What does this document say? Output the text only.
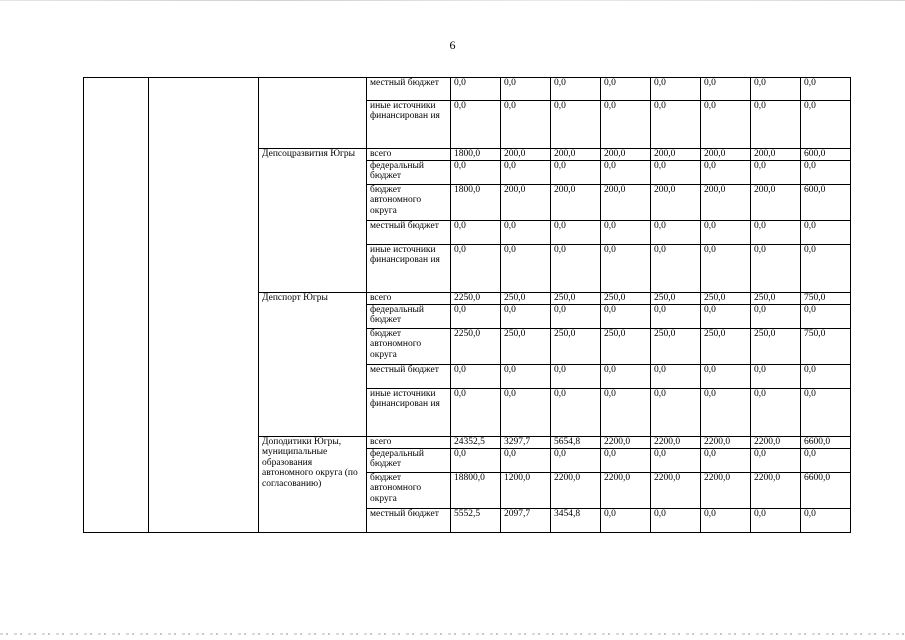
6
			местный бюджет	0,0	0,0	0,0	0,0	0,0	0,0	0,0	0,0
			иные источники финансирован ия	0,0	0,0	0,0	0,0	0,0	0,0	0,0	0,0
		Депсоцразвития Югры	всего	1800,0	200,0	200,0	200,0	200,0	200,0	200,0	600,0
			федеральный бюджет	0,0	0,0	0,0	0,0	0,0	0,0	0,0	0,0
			бюджет автономного округа	1800,0	200,0	200,0	200,0	200,0	200,0	200,0	600,0
			местный бюджет	0,0	0,0	0,0	0,0	0,0	0,0	0,0	0,0
			иные источники финансирован ия	0,0	0,0	0,0	0,0	0,0	0,0	0,0	0,0
		Депспорт Югры	всего	2250,0	250,0	250,0	250,0	250,0	250,0	250,0	750,0
			федеральный бюджет	0,0	0,0	0,0	0,0	0,0	0,0	0,0	0,0
			бюджет автономного округа	2250,0	250,0	250,0	250,0	250,0	250,0	250,0	750,0
			местный бюджет	0,0	0,0	0,0	0,0	0,0	0,0	0,0	0,0
			иные источники финансирован ия	0,0	0,0	0,0	0,0	0,0	0,0	0,0	0,0
		Доподитики Югры, муниципальные образования автономного округа (по согласованию)	всего	24352,5	3297,7	5654,8	2200,0	2200,0	2200,0	2200,0	6600,0
			федеральный бюджет	0,0	0,0	0,0	0,0	0,0	0,0	0,0	0,0
			бюджет автономного округа	18800,0	1200,0	2200,0	2200,0	2200,0	2200,0	2200,0	6600,0
			местный бюджет	5552,5	2097,7	3454,8	0,0	0,0	0,0	0,0	0,0
